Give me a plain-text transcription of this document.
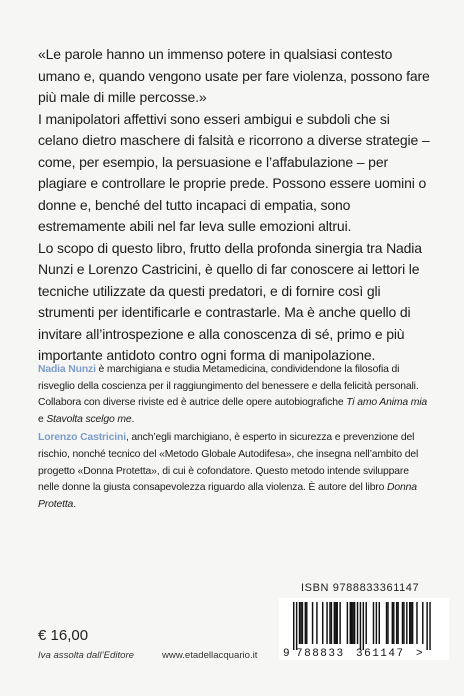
«Le parole hanno un immenso potere in qualsiasi contesto umano e, quando vengono usate per fare violenza, possono fare più male di mille percosse.»

I manipolatori affettivi sono esseri ambigui e subdoli che si celano dietro maschere di falsità e ricorrono a diverse strategie – come, per esempio, la persuasione e l’affabulazione – per plagiare e controllare le proprie prede. Possono essere uomini o donne e, benché del tutto incapaci di empatia, sono estremamente abili nel far leva sulle emozioni altrui.

Lo scopo di questo libro, frutto della profonda sinergia tra Nadia Nunzi e Lorenzo Castricini, è quello di far conoscere ai lettori le tecniche utilizzate da questi predatori, e di fornire così gli strumenti per identificarle e contrastarle. Ma è anche quello di invitare all’introspezione e alla conoscenza di sé, primo e più importante antidoto contro ogni forma di manipolazione.

Nadia Nunzi è marchigiana e studia Metamedicina, condividendone la filosofia di risveglio della coscienza per il raggiungimento del benessere e della felicità personali. Collabora con diverse riviste ed è autrice delle opere autobiografiche Ti amo Anima mia e Stavolta scelgo me.

Lorenzo Castricini, anch’egli marchigiano, è esperto in sicurezza e prevenzione del rischio, nonché tecnico del «Metodo Globale Autodifesa», che insegna nell’ambito del progetto «Donna Protetta», di cui è cofondatore. Questo metodo intende sviluppare nelle donne la giusta consapevolezza riguardo alla violenza. È autore del libro Donna Protetta.

ISBN 9788833361147
9 788833 361147 >
€ 16,00
Iva assolta dall’Editore	www.etadellacquario.it
